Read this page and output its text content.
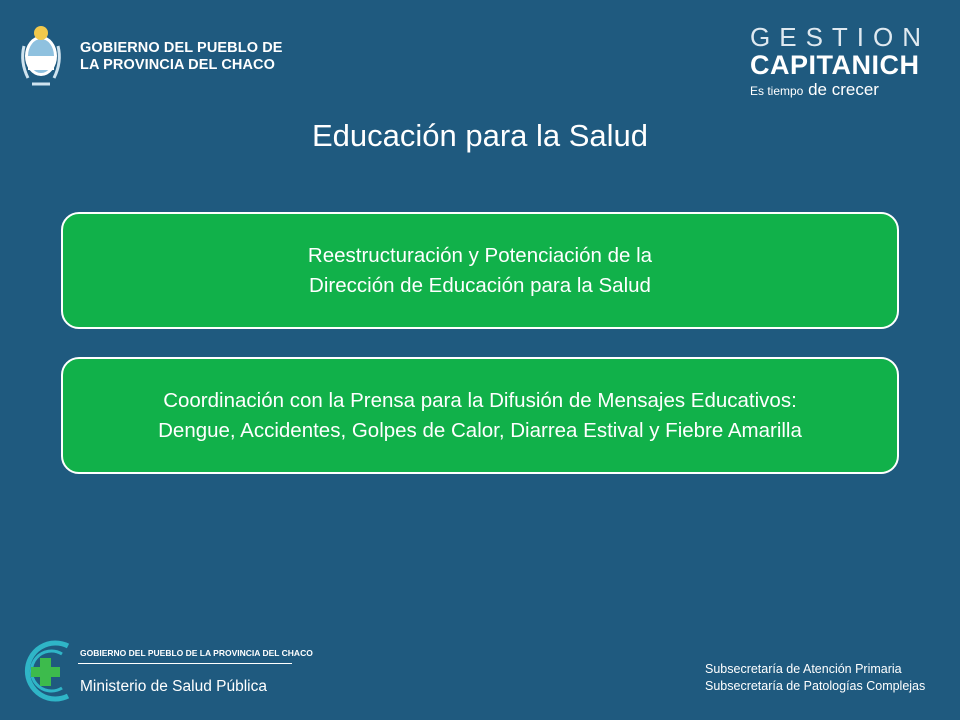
GOBIERNO DEL PUEBLO DE
LA PROVINCIA DEL CHACO
GESTION
CAPITANICH
Es tiempo de crecer
Educación para la Salud
Reestructuración y Potenciación de la
Dirección de Educación para la Salud
Coordinación con la Prensa para la Difusión de Mensajes Educativos:
Dengue, Accidentes, Golpes de Calor, Diarrea Estival y Fiebre Amarilla
GOBIERNO DEL PUEBLO DE LA PROVINCIA DEL CHACO
Ministerio de Salud Pública
Subsecretaría de Atención Primaria
Subsecretaría de Patologías Complejas
